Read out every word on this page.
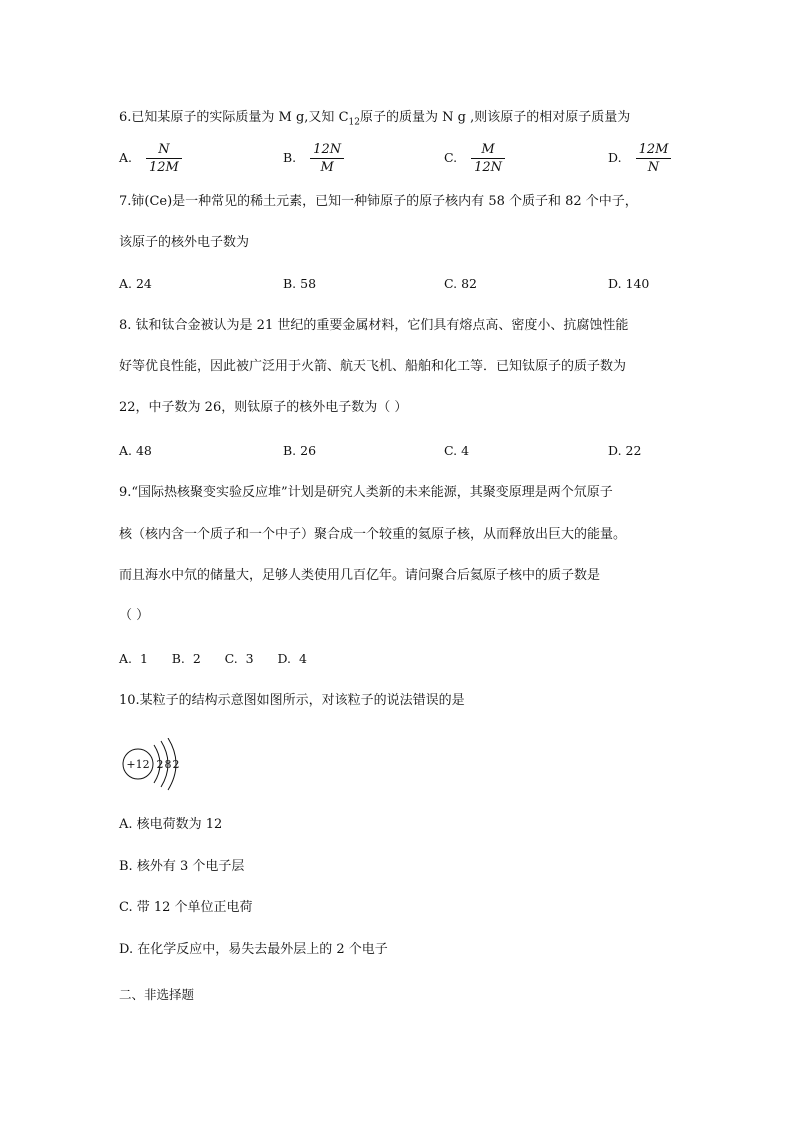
6.已知某原子的实际质量为 M g,又知 $C_{12}$原子的质量为 N g ,则该原子的相对原子质量为
A. $\frac{N}{12M}$	B. $\frac{12N}{M}$	C. $\frac{M}{12N}$	D. $\frac{12M}{N}$
7.铈(Ce)是一种常见的稀土元素，已知一种铈原子的原子核内有 58 个质子和 82 个中子，
该原子的核外电子数为
A. 24	B. 58	C. 82	D. 140
8. 钛和钛合金被认为是 21 世纪的重要金属材料，它们具有熔点高、密度小、抗腐蚀性能
好等优良性能，因此被广泛用于火箭、航天飞机、船舶和化工等．已知钛原子的质子数为
22，中子数为 26，则钛原子的核外电子数为（ ）
A. 48	B. 26	C. 4	D. 22
9.“国际热核聚变实验反应堆”计划是研究人类新的未来能源，其聚变原理是两个氘原子
核（核内含一个质子和一个中子）聚合成一个较重的氦原子核，从而释放出巨大的能量。
而且海水中氘的储量大，足够人类使用几百亿年。请问聚合后氦原子核中的质子数是
（ ）
A.  1      B.  2      C.  3      D.  4
10.某粒子的结构示意图如图所示，对该粒子的说法错误的是
+12 2 8 2
A. 核电荷数为 12
B. 核外有 3 个电子层
C. 带 12 个单位正电荷
D. 在化学反应中，易失去最外层上的 2 个电子
二、非选择题
